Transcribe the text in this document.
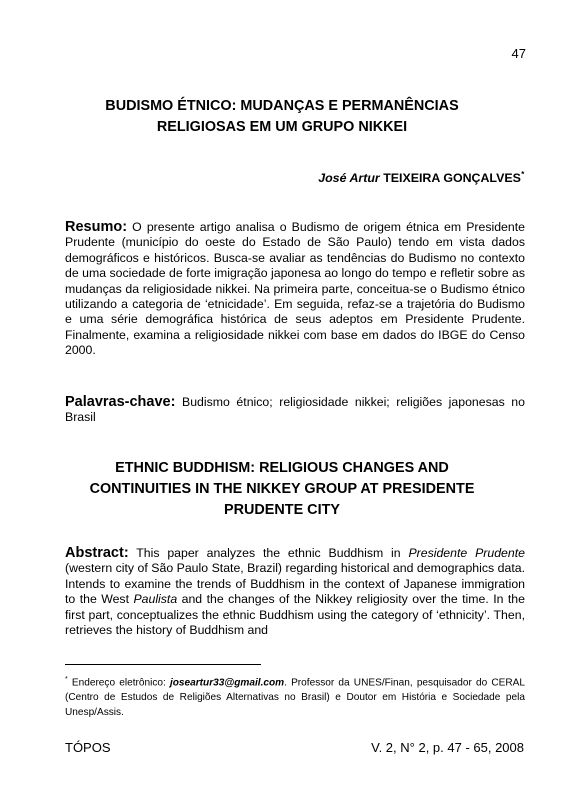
47
BUDISMO ÉTNICO: MUDANÇAS E PERMANÊNCIAS
RELIGIOSAS EM UM GRUPO NIKKEI
José Artur TEIXEIRA GONÇALVES*
Resumo: O presente artigo analisa o Budismo de origem étnica em Presidente Prudente (município do oeste do Estado de São Paulo) tendo em vista dados demográficos e históricos. Busca-se avaliar as tendências do Budismo no contexto de uma sociedade de forte imigração japonesa ao longo do tempo e refletir sobre as mudanças da religiosidade nikkei. Na primeira parte, conceitua-se o Budismo étnico utilizando a categoria de ‘etnicidade’. Em seguida, refaz-se a trajetória do Budismo e uma série demográfica histórica de seus adeptos em Presidente Prudente. Finalmente, examina a religiosidade nikkei com base em dados do IBGE do Censo 2000.
Palavras-chave: Budismo étnico; religiosidade nikkei; religiões japonesas no Brasil
ETHNIC BUDDHISM: RELIGIOUS CHANGES AND
CONTINUITIES IN THE NIKKEY GROUP AT PRESIDENTE
PRUDENTE CITY
Abstract: This paper analyzes the ethnic Buddhism in Presidente Prudente (western city of São Paulo State, Brazil) regarding historical and demographics data. Intends to examine the trends of Buddhism in the context of Japanese immigration to the West Paulista and the changes of the Nikkey religiosity over the time. In the first part, conceptualizes the ethnic Buddhism using the category of ‘ethnicity’. Then, retrieves the history of Buddhism and
* Endereço eletrônico: joseartur33@gmail.com. Professor da UNES/Finan, pesquisador do CERAL (Centro de Estudos de Religiões Alternativas no Brasil) e Doutor em História e Sociedade pela Unesp/Assis.
TÓPOS	V. 2, N° 2, p. 47 - 65, 2008
